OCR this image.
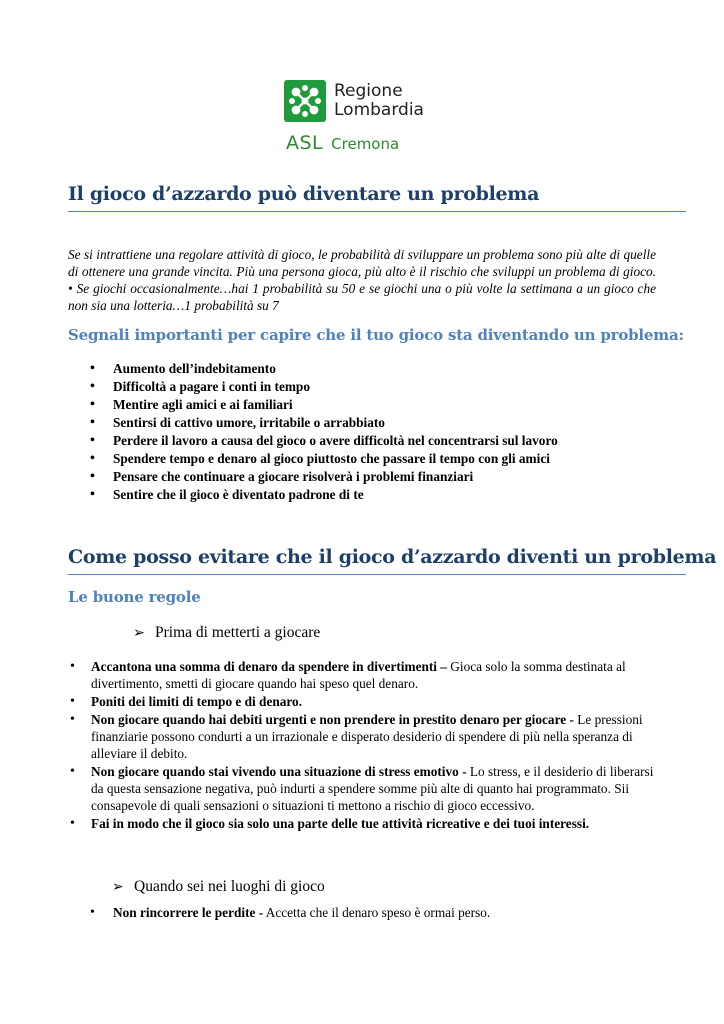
Regione
Lombardia
ASL Cremona
Il gioco d’azzardo può diventare un problema
Se si intrattiene una regolare attività di gioco, le probabilità di sviluppare un problema sono più alte di quelle di ottenere una grande vincita. Più una persona gioca, più alto è il rischio che sviluppi un problema di gioco. • Se giochi occasionalmente…hai 1 probabilità su 50 e se giochi una o più volte la settimana a un gioco che non sia una lotteria…1 probabilità su 7
Segnali importanti per capire che il tuo gioco sta diventando un problema:
• Aumento dell’indebitamento
• Difficoltà a pagare i conti in tempo
• Mentire agli amici e ai familiari
• Sentirsi di cattivo umore, irritabile o arrabbiato
• Perdere il lavoro a causa del gioco o avere difficoltà nel concentrarsi sul lavoro
• Spendere tempo e denaro al gioco piuttosto che passare il tempo con gli amici
• Pensare che continuare a giocare risolverà i problemi finanziari
• Sentire che il gioco è diventato padrone di te
Come posso evitare che il gioco d’azzardo diventi un problema
Le buone regole
➢ Prima di metterti a giocare
• Accantona una somma di denaro da spendere in divertimenti – Gioca solo la somma destinata al divertimento, smetti di giocare quando hai speso quel denaro.
• Poniti dei limiti di tempo e di denaro.
• Non giocare quando hai debiti urgenti e non prendere in prestito denaro per giocare - Le pressioni finanziarie possono condurti a un irrazionale e disperato desiderio di spendere di più nella speranza di alleviare il debito.
• Non giocare quando stai vivendo una situazione di stress emotivo - Lo stress, e il desiderio di liberarsi da questa sensazione negativa, può indurti a spendere somme più alte di quanto hai programmato. Sii consapevole di quali sensazioni o situazioni ti mettono a rischio di gioco eccessivo.
• Fai in modo che il gioco sia solo una parte delle tue attività ricreative e dei tuoi interessi.
➢ Quando sei nei luoghi di gioco
• Non rincorrere le perdite - Accetta che il denaro speso è ormai perso.
